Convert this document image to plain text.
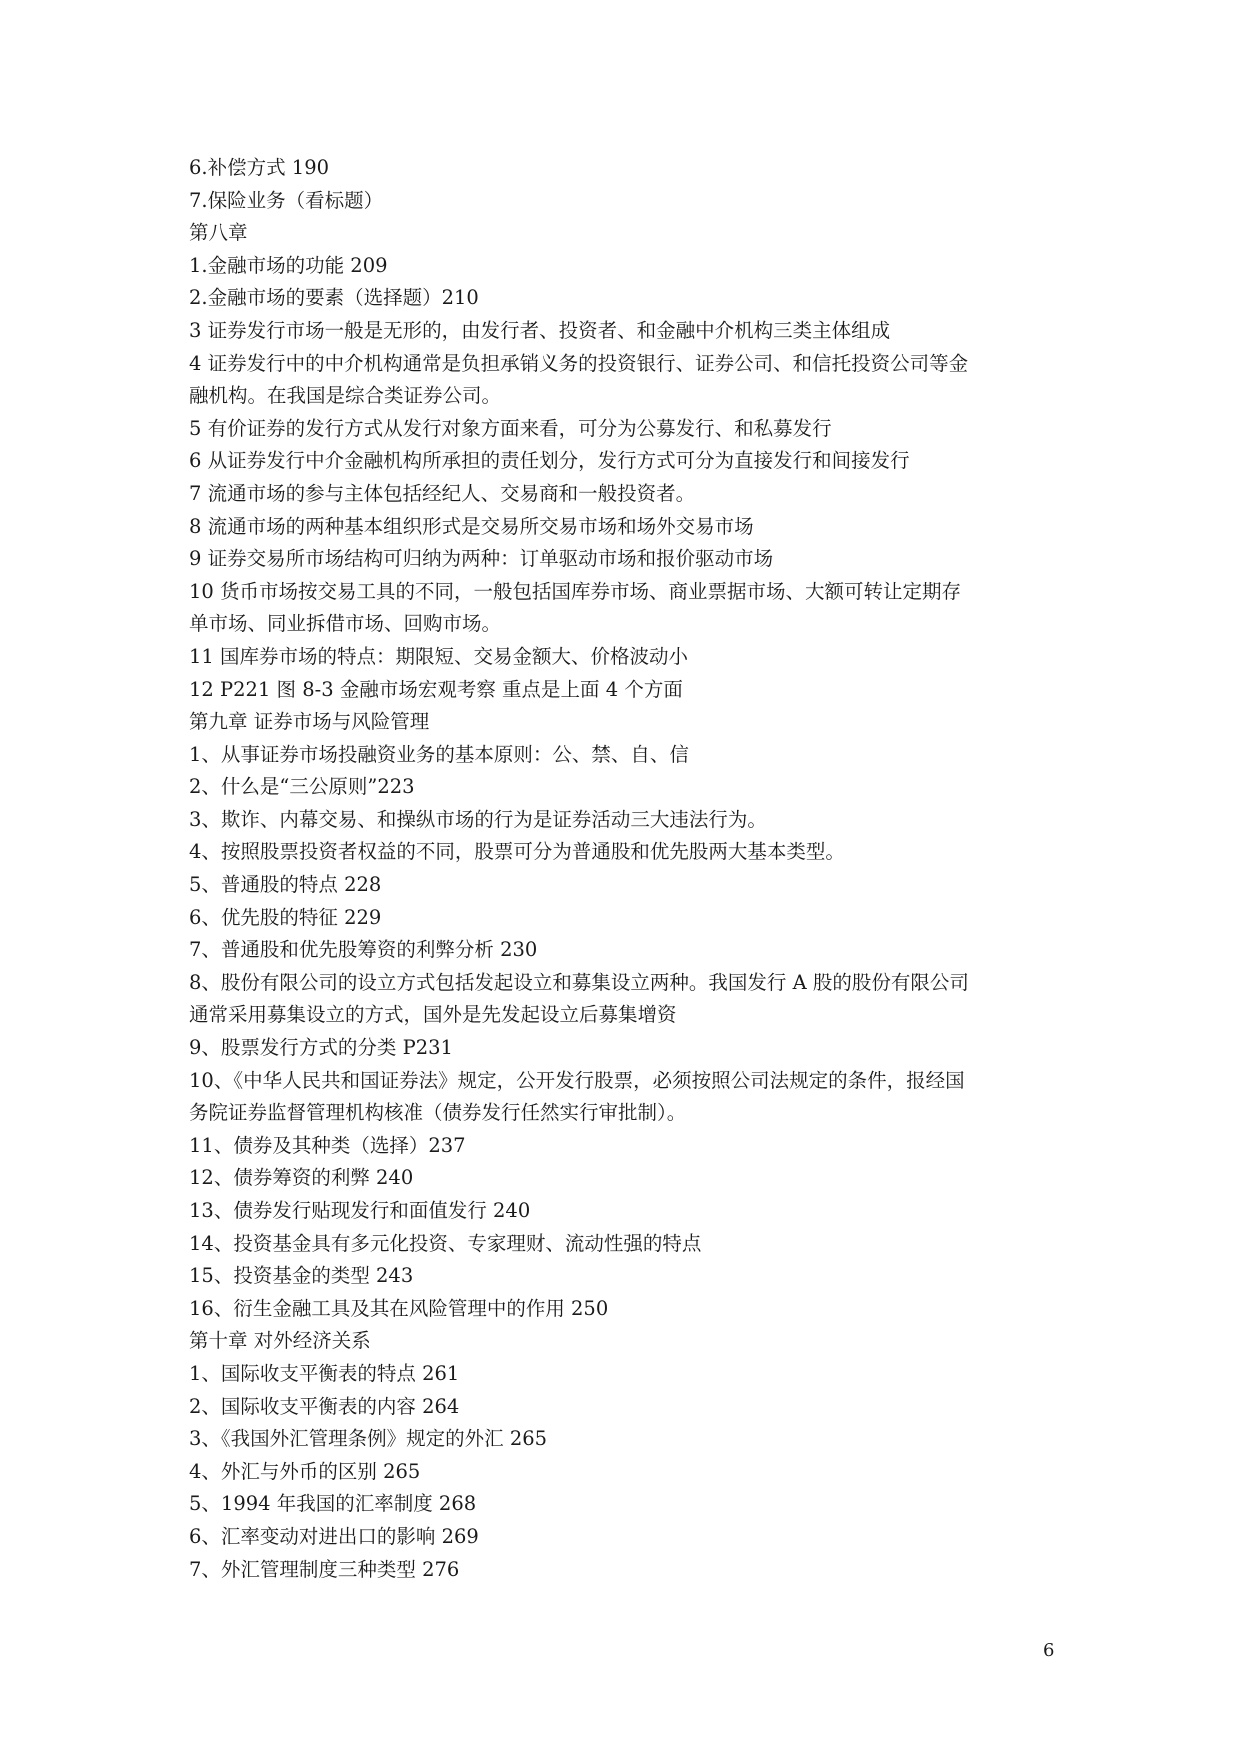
6.补偿方式 190
7.保险业务（看标题）
第八章
1.金融市场的功能 209
2.金融市场的要素（选择题）210
3 证券发行市场一般是无形的，由发行者、投资者、和金融中介机构三类主体组成
4 证券发行中的中介机构通常是负担承销义务的投资银行、证券公司、和信托投资公司等金
融机构。在我国是综合类证券公司。
5 有价证券的发行方式从发行对象方面来看，可分为公募发行、和私募发行
6 从证券发行中介金融机构所承担的责任划分，发行方式可分为直接发行和间接发行
7 流通市场的参与主体包括经纪人、交易商和一般投资者。
8 流通市场的两种基本组织形式是交易所交易市场和场外交易市场
9 证券交易所市场结构可归纳为两种：订单驱动市场和报价驱动市场
10 货币市场按交易工具的不同，一般包括国库券市场、商业票据市场、大额可转让定期存
单市场、同业拆借市场、回购市场。
11 国库券市场的特点：期限短、交易金额大、价格波动小
12 P221 图 8-3 金融市场宏观考察 重点是上面 4 个方面
第九章 证券市场与风险管理
1、从事证券市场投融资业务的基本原则：公、禁、自、信
2、什么是“三公原则”223
3、欺诈、内幕交易、和操纵市场的行为是证券活动三大违法行为。
4、按照股票投资者权益的不同，股票可分为普通股和优先股两大基本类型。
5、普通股的特点 228
6、优先股的特征 229
7、普通股和优先股筹资的利弊分析 230
8、股份有限公司的设立方式包括发起设立和募集设立两种。我国发行 A 股的股份有限公司
通常采用募集设立的方式，国外是先发起设立后募集增资
9、股票发行方式的分类 P231
10、《中华人民共和国证券法》规定，公开发行股票，必须按照公司法规定的条件，报经国
务院证券监督管理机构核准（债券发行任然实行审批制）。
11、债券及其种类（选择）237
12、债券筹资的利弊 240
13、债券发行贴现发行和面值发行 240
14、投资基金具有多元化投资、专家理财、流动性强的特点
15、投资基金的类型 243
16、衍生金融工具及其在风险管理中的作用 250
第十章 对外经济关系
1、国际收支平衡表的特点 261
2、国际收支平衡表的内容 264
3、《我国外汇管理条例》规定的外汇 265
4、外汇与外币的区别 265
5、1994 年我国的汇率制度 268
6、汇率变动对进出口的影响 269
7、外汇管理制度三种类型 276
6
